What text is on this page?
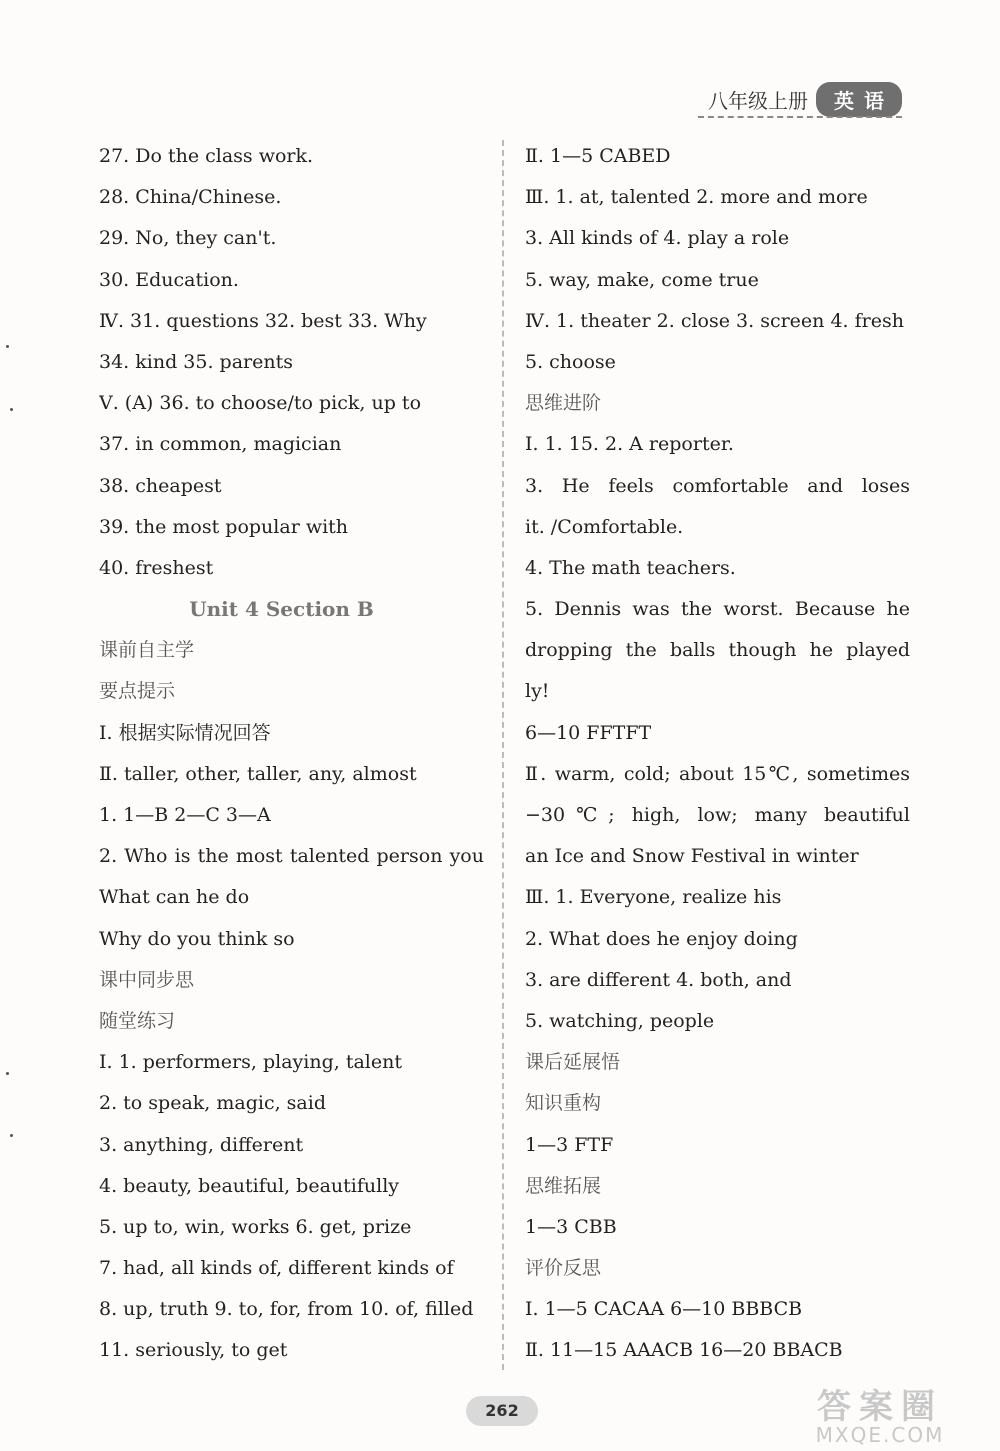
八年级上册	英语
27. Do the class work.
28. China/Chinese.
29. No, they can't.
30. Education.
Ⅳ. 31. questions 32. best 33. Why
34. kind 35. parents
Ⅴ. (A) 36. to choose/to pick, up to
37. in common, magician
38. cheapest
39. the most popular with
40. freshest
Unit 4 Section B
课前自主学
要点提示
Ⅰ. 根据实际情况回答
Ⅱ. taller, other, taller, any, almost
1. 1—B 2—C 3—A
2. Who is the most talented person you
What can he do
Why do you think so
课中同步思
随堂练习
Ⅰ. 1. performers, playing, talent
2. to speak, magic, said
3. anything, different
4. beauty, beautiful, beautifully
5. up to, win, works 6. get, prize
7. had, all kinds of, different kinds of
8. up, truth 9. to, for, from 10. of, filled
11. seriously, to get
Ⅱ. 1—5 CABED
Ⅲ. 1. at, talented 2. more and more
3. All kinds of 4. play a role
5. way, make, come true
Ⅳ. 1. theater 2. close 3. screen 4. fresh
5. choose
思维进阶
Ⅰ. 1. 15. 2. A reporter.
3. He feels comfortable and loses
it. /Comfortable.
4. The math teachers.
5. Dennis was the worst. Because he
dropping the balls though he played
ly!
6—10 FFTFT
Ⅱ. warm, cold; about 15℃, sometimes
−30℃; high, low; many beautiful
an Ice and Snow Festival in winter
Ⅲ. 1. Everyone, realize his
2. What does he enjoy doing
3. are different 4. both, and
5. watching, people
课后延展悟
知识重构
1—3 FTF
思维拓展
1—3 CBB
评价反思
Ⅰ. 1—5 CACAA 6—10 BBBCB
Ⅱ. 11—15 AAACB 16—20 BBACB
262	答案圈
MXQE.COM
